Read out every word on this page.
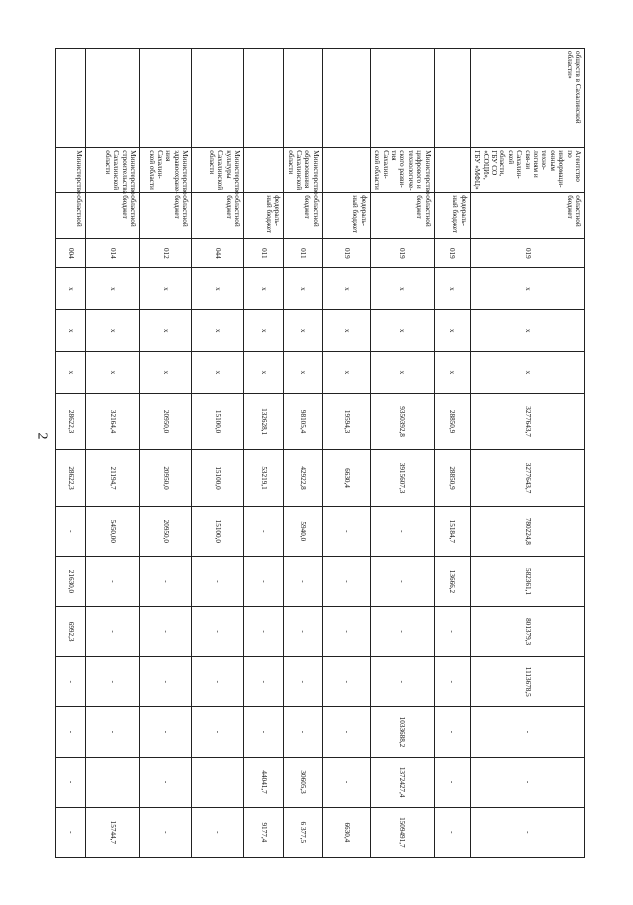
2
обществ в Сахалинской области»	Агентство по информаци-онным техно-логиям и свя-зи Сахалин-ской области, ГБУ СО «СОЦИ», ГБУ «МФЦ»	областной бюджет	019	x	x	x	3277643,7	3277643,7	780224,8	582361,1	801379,3	1113678,5	-	-	-
		федераль-ный бюджет	019	x	x	x	28850,9	28850,9	15184,7	13666,2	-	-	-	-	-
	Министерство цифрового и технологиче-ского разви-тия Сахалин-ской области	областной бюджет	019	x	x	x	9350392,8	3915607,3	-	-	-	-	1033688,2	1372427,4	1509491,7
		федераль-ный бюджет	019	x	x	x	19594,3	6630,4	-	-	-	-	-	-	6630,4
	Министерство образования Сахалинской области	областной бюджет	011	x	x	x	98105,4	42922,8	5940,0	-	-	-	-	30605,3	6 377,5
		федераль-ный бюджет	011	x	x	x	132628,1	53219,1	-	-	-	-	-	44041,7	9177,4
	Министерство культуры Сахалинской области	областной бюджет	044	x	x	x	15100,0	15100,0	15100,0	-	-	-	-		-
	Министерство здравоохране-ния Сахалин-ской области	областной бюджет	012	x	x	x	20950,0	20950,0	20950,0	-	-	-	-	-	-
	Министерство строительства Сахалинской области	областной бюджет	014	x	x	x	32164,4	21194,7	5450,00	-	-	-	-		15744,7
	Министерство	областной	004	x	x	x	28622,3	28622,3	-	21630,0	6992,3	-	-	-	-
